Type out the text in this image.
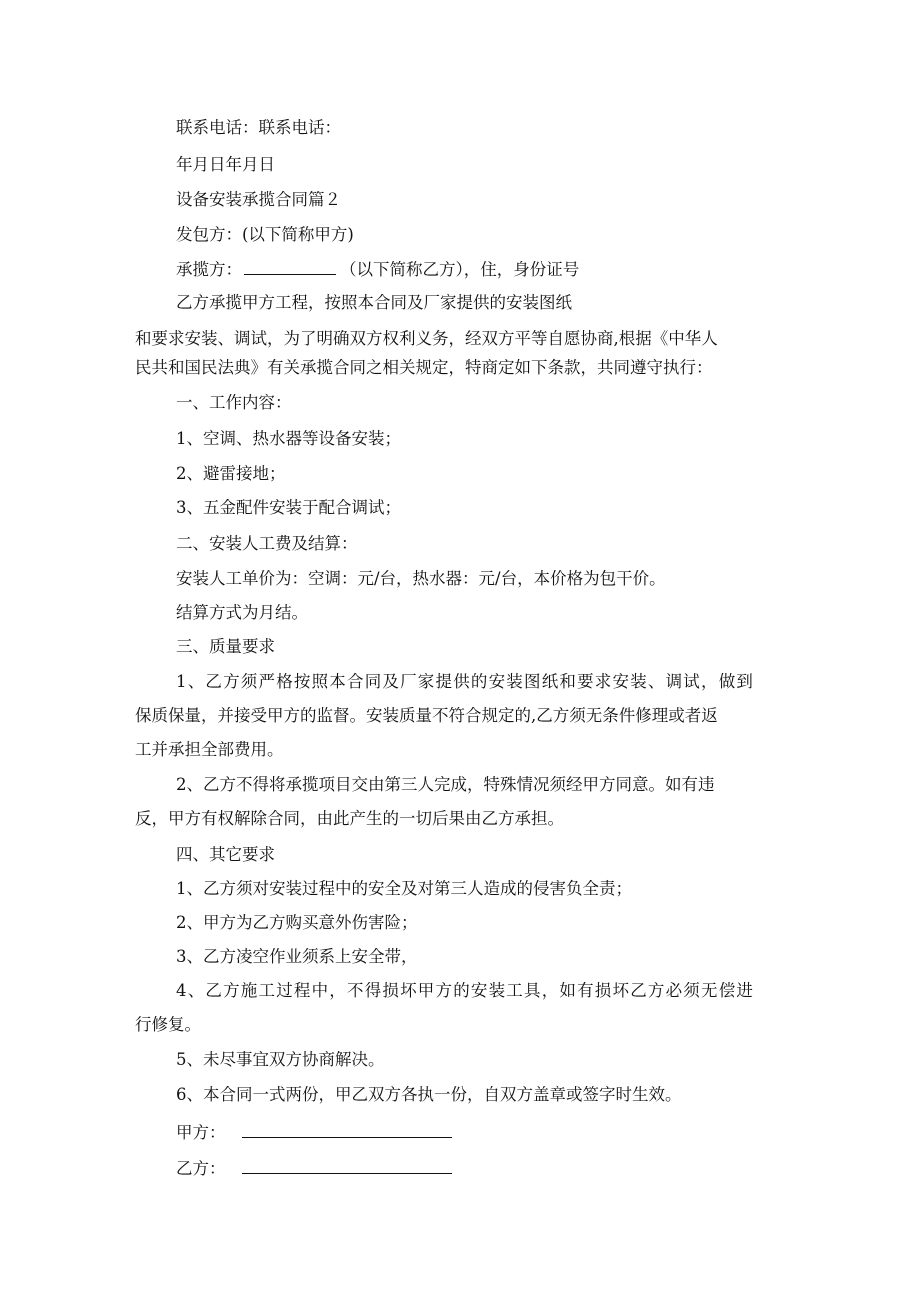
联系电话：联系电话：
年月日年月日
设备安装承揽合同篇２
发包方：(以下简称甲方)
承揽方：	（以下简称乙方），住，身份证号
乙方承揽甲方工程，按照本合同及厂家提供的安装图纸
和要求安装、调试，为了明确双方权利义务，经双方平等自愿协商,根据《中华人
民共和国民法典》有关承揽合同之相关规定，特商定如下条款，共同遵守执行：
一、工作内容：
1、空调、热水器等设备安装；
2、避雷接地；
3、五金配件安装于配合调试；
二、安装人工费及结算：
安装人工单价为：空调：元/台，热水器：元/台，本价格为包干价。
结算方式为月结。
三、质量要求
1、乙方须严格按照本合同及厂家提供的安装图纸和要求安装、调试，做到
保质保量，并接受甲方的监督。安装质量不符合规定的,乙方须无条件修理或者返
工并承担全部费用。
2、乙方不得将承揽项目交由第三人完成，特殊情况须经甲方同意。如有违
反，甲方有权解除合同，由此产生的一切后果由乙方承担。
四、其它要求
1、乙方须对安装过程中的安全及对第三人造成的侵害负全责；
2、甲方为乙方购买意外伤害险；
3、乙方凌空作业须系上安全带，
4、乙方施工过程中，不得损坏甲方的安装工具，如有损坏乙方必须无偿进
行修复。
5、未尽事宜双方协商解决。
6、本合同一式两份，甲乙双方各执一份，自双方盖章或签字时生效。
甲方：
乙方：
